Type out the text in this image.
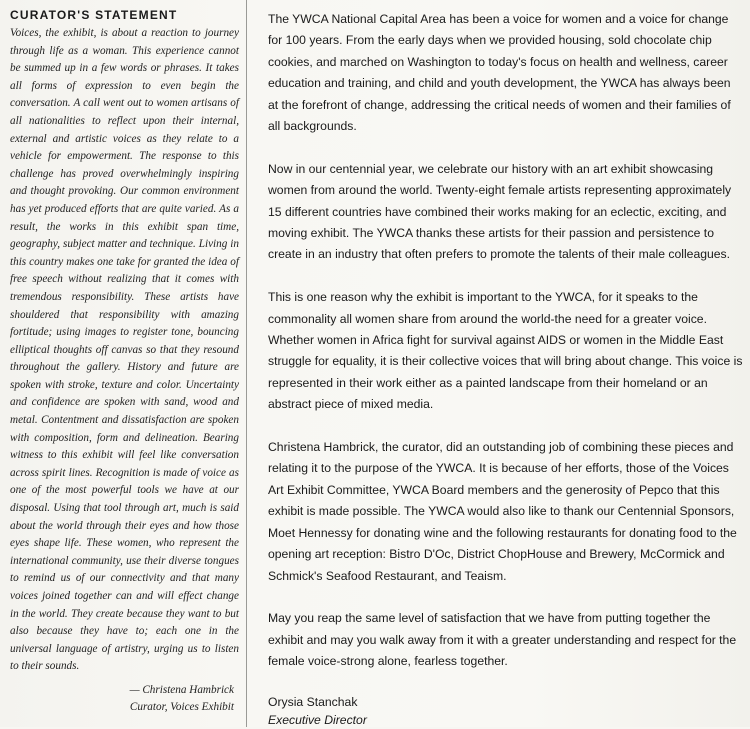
CURATOR'S STATEMENT

Voices, the exhibit, is about a reaction to journey through life as a woman. This experience cannot be summed up in a few words or phrases. It takes all forms of expression to even begin the conversation. A call went out to women artisans of all nationalities to reflect upon their internal, external and artistic voices as they relate to a vehicle for empowerment. The response to this challenge has proved overwhelmingly inspiring and thought provoking. Our common environment has yet produced efforts that are quite varied. As a result, the works in this exhibit span time, geography, subject matter and technique. Living in this country makes one take for granted the idea of free speech without realizing that it comes with tremendous responsibility. These artists have shouldered that responsibility with amazing fortitude; using images to register tone, bouncing elliptical thoughts off canvas so that they resound throughout the gallery. History and future are spoken with stroke, texture and color. Uncertainty and confidence are spoken with sand, wood and metal. Contentment and dissatisfaction are spoken with composition, form and delineation. Bearing witness to this exhibit will feel like conversation across spirit lines. Recognition is made of voice as one of the most powerful tools we have at our disposal. Using that tool through art, much is said about the world through their eyes and how those eyes shape life. These women, who represent the international community, use their diverse tongues to remind us of our connectivity and that many voices joined together can and will effect change in the world. They create because they want to but also because they have to; each one in the universal language of artistry, urging us to listen to their sounds.

— Christena Hambrick
Curator, Voices Exhibit

The YWCA National Capital Area has been a voice for women and a voice for change for 100 years. From the early days when we provided housing, sold chocolate chip cookies, and marched on Washington to today's focus on health and wellness, career education and training, and child and youth development, the YWCA has always been at the forefront of change, addressing the critical needs of women and their families of all backgrounds.

Now in our centennial year, we celebrate our history with an art exhibit showcasing women from around the world. Twenty-eight female artists representing approximately 15 different countries have combined their works making for an eclectic, exciting, and moving exhibit. The YWCA thanks these artists for their passion and persistence to create in an industry that often prefers to promote the talents of their male colleagues.

This is one reason why the exhibit is important to the YWCA, for it speaks to the commonality all women share from around the world-the need for a greater voice. Whether women in Africa fight for survival against AIDS or women in the Middle East struggle for equality, it is their collective voices that will bring about change. This voice is represented in their work either as a painted landscape from their homeland or an abstract piece of mixed media.

Christena Hambrick, the curator, did an outstanding job of combining these pieces and relating it to the purpose of the YWCA. It is because of her efforts, those of the Voices Art Exhibit Committee, YWCA Board members and the generosity of Pepco that this exhibit is made possible. The YWCA would also like to thank our Centennial Sponsors, Moet Hennessy for donating wine and the following restaurants for donating food to the opening art reception: Bistro D'Oc, District ChopHouse and Brewery, McCormick and Schmick's Seafood Restaurant, and Teaism.

May you reap the same level of satisfaction that we have from putting together the exhibit and may you walk away from it with a greater understanding and respect for the female voice-strong alone, fearless together.

Orysia Stanchak
Executive Director
